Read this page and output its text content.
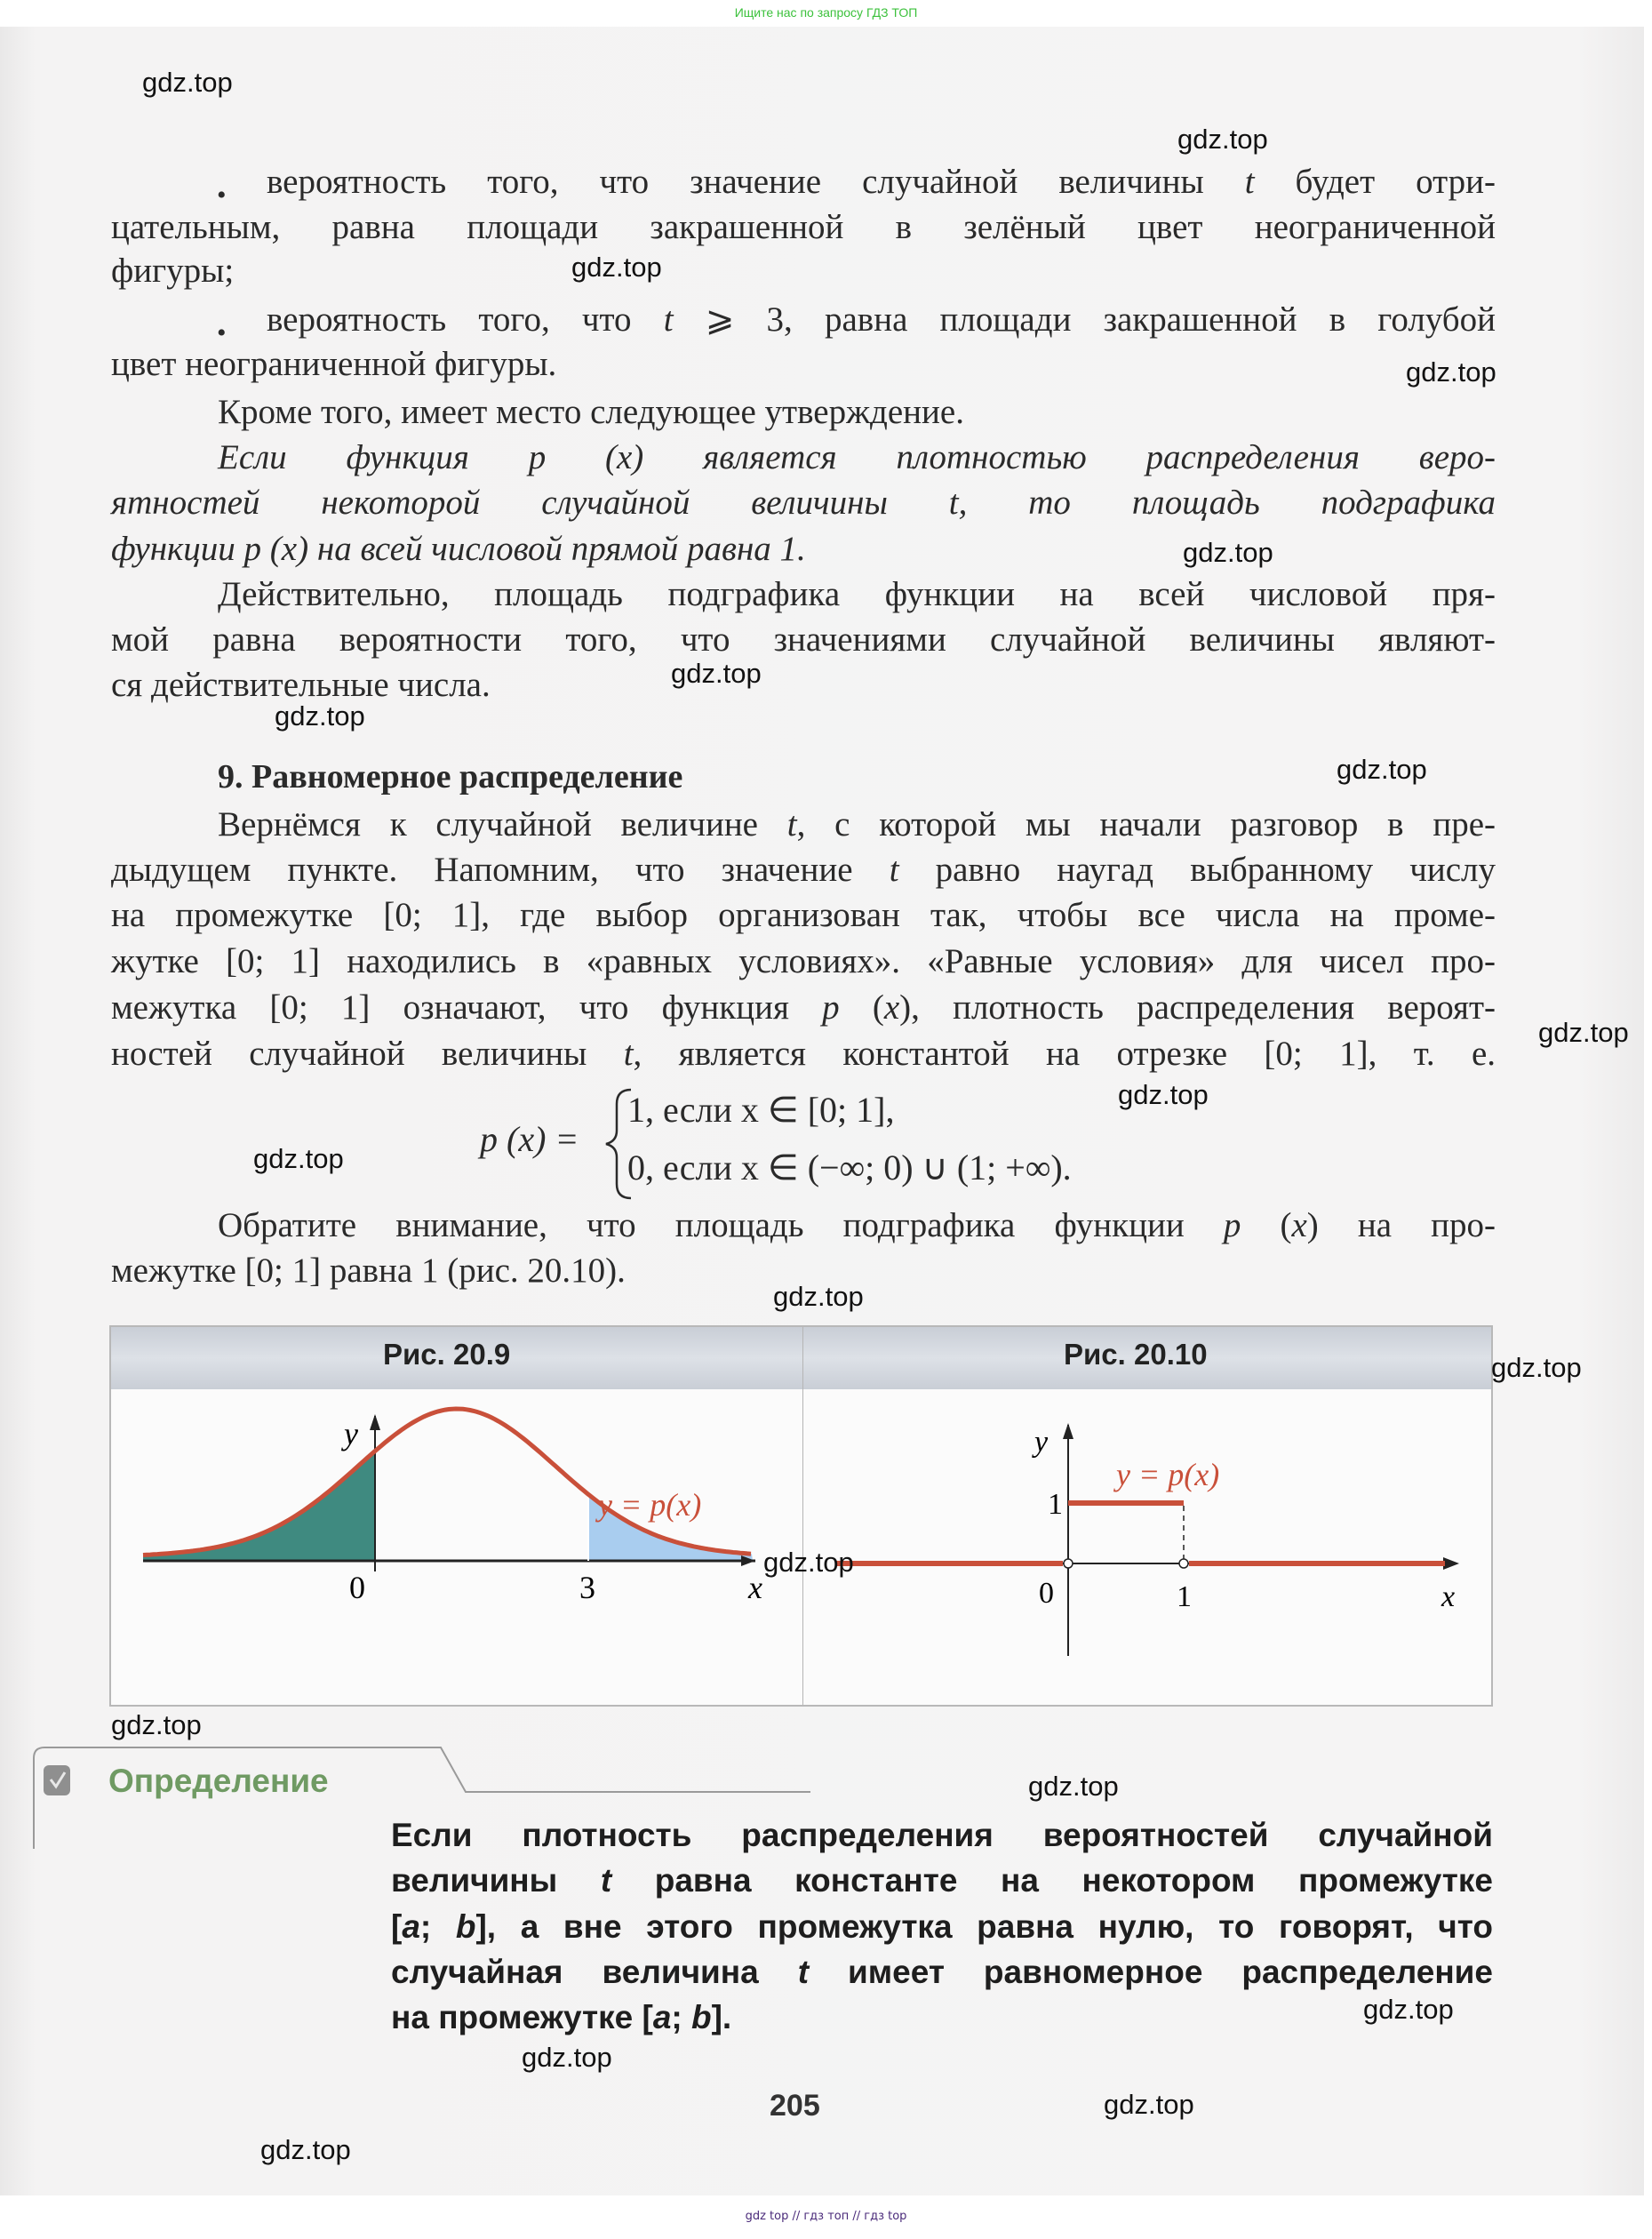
Ищите нас по запросу ГДЗ ТОП
• вероятность того, что значение случайной величины t будет отри-
цательным, равна площади закрашенной в зелёный цвет неограниченной
фигуры;
• вероятность того, что t ⩾ 3, равна площади закрашенной в голубой
цвет неограниченной фигуры.
Кроме того, имеет место следующее утверждение.
Если функция p (x) является плотностью распределения веро-
ятностей некоторой случайной величины t, то площадь подграфика
функции p (x) на всей числовой прямой равна 1.
Действительно, площадь подграфика функции на всей числовой пря-
мой равна вероятности того, что значениями случайной величины являют-
ся действительные числа.
9. Равномерное распределение
Вернёмся к случайной величине t, с которой мы начали разговор в пре-
дыдущем пункте. Напомним, что значение t равно наугад выбранному числу
на промежутке [0; 1], где выбор организован так, чтобы все числа на проме-
жутке [0; 1] находились в «равных условиях». «Равные условия» для чисел про-
межутка [0; 1] означают, что функция p (x), плотность распределения вероят-
ностей случайной величины t, является константой на отрезке [0; 1], т. е.
p (x) =
1, если x ∈ [0; 1],
0, если x ∈ (−∞; 0) ∪ (1; +∞).
Обратите внимание, что площадь подграфика функции p (x) на про-
межутке [0; 1] равна 1 (рис. 20.10).
Рис. 20.9	Рис. 20.10
y
0	3	x
y = p(x)
y
1
0	1	x
y = p(x)
Определение
Если плотность распределения вероятностей случайной
величины t равна константе на некотором промежутке
[a; b], а вне этого промежутка равна нулю, то говорят, что
случайная величина t имеет равномерное распределение
на промежутке [a; b].
205
gdz.top
gdz.top
gdz.top
gdz.top
gdz.top
gdz.top
gdz.top
gdz.top
gdz.top
gdz.top
gdz.top
gdz.top
gdz.top
gdz.top
gdz.top
gdz.top
gdz.top
gdz.top
gdz.top
gdz.top
gdz top // гдз топ // гдз top
